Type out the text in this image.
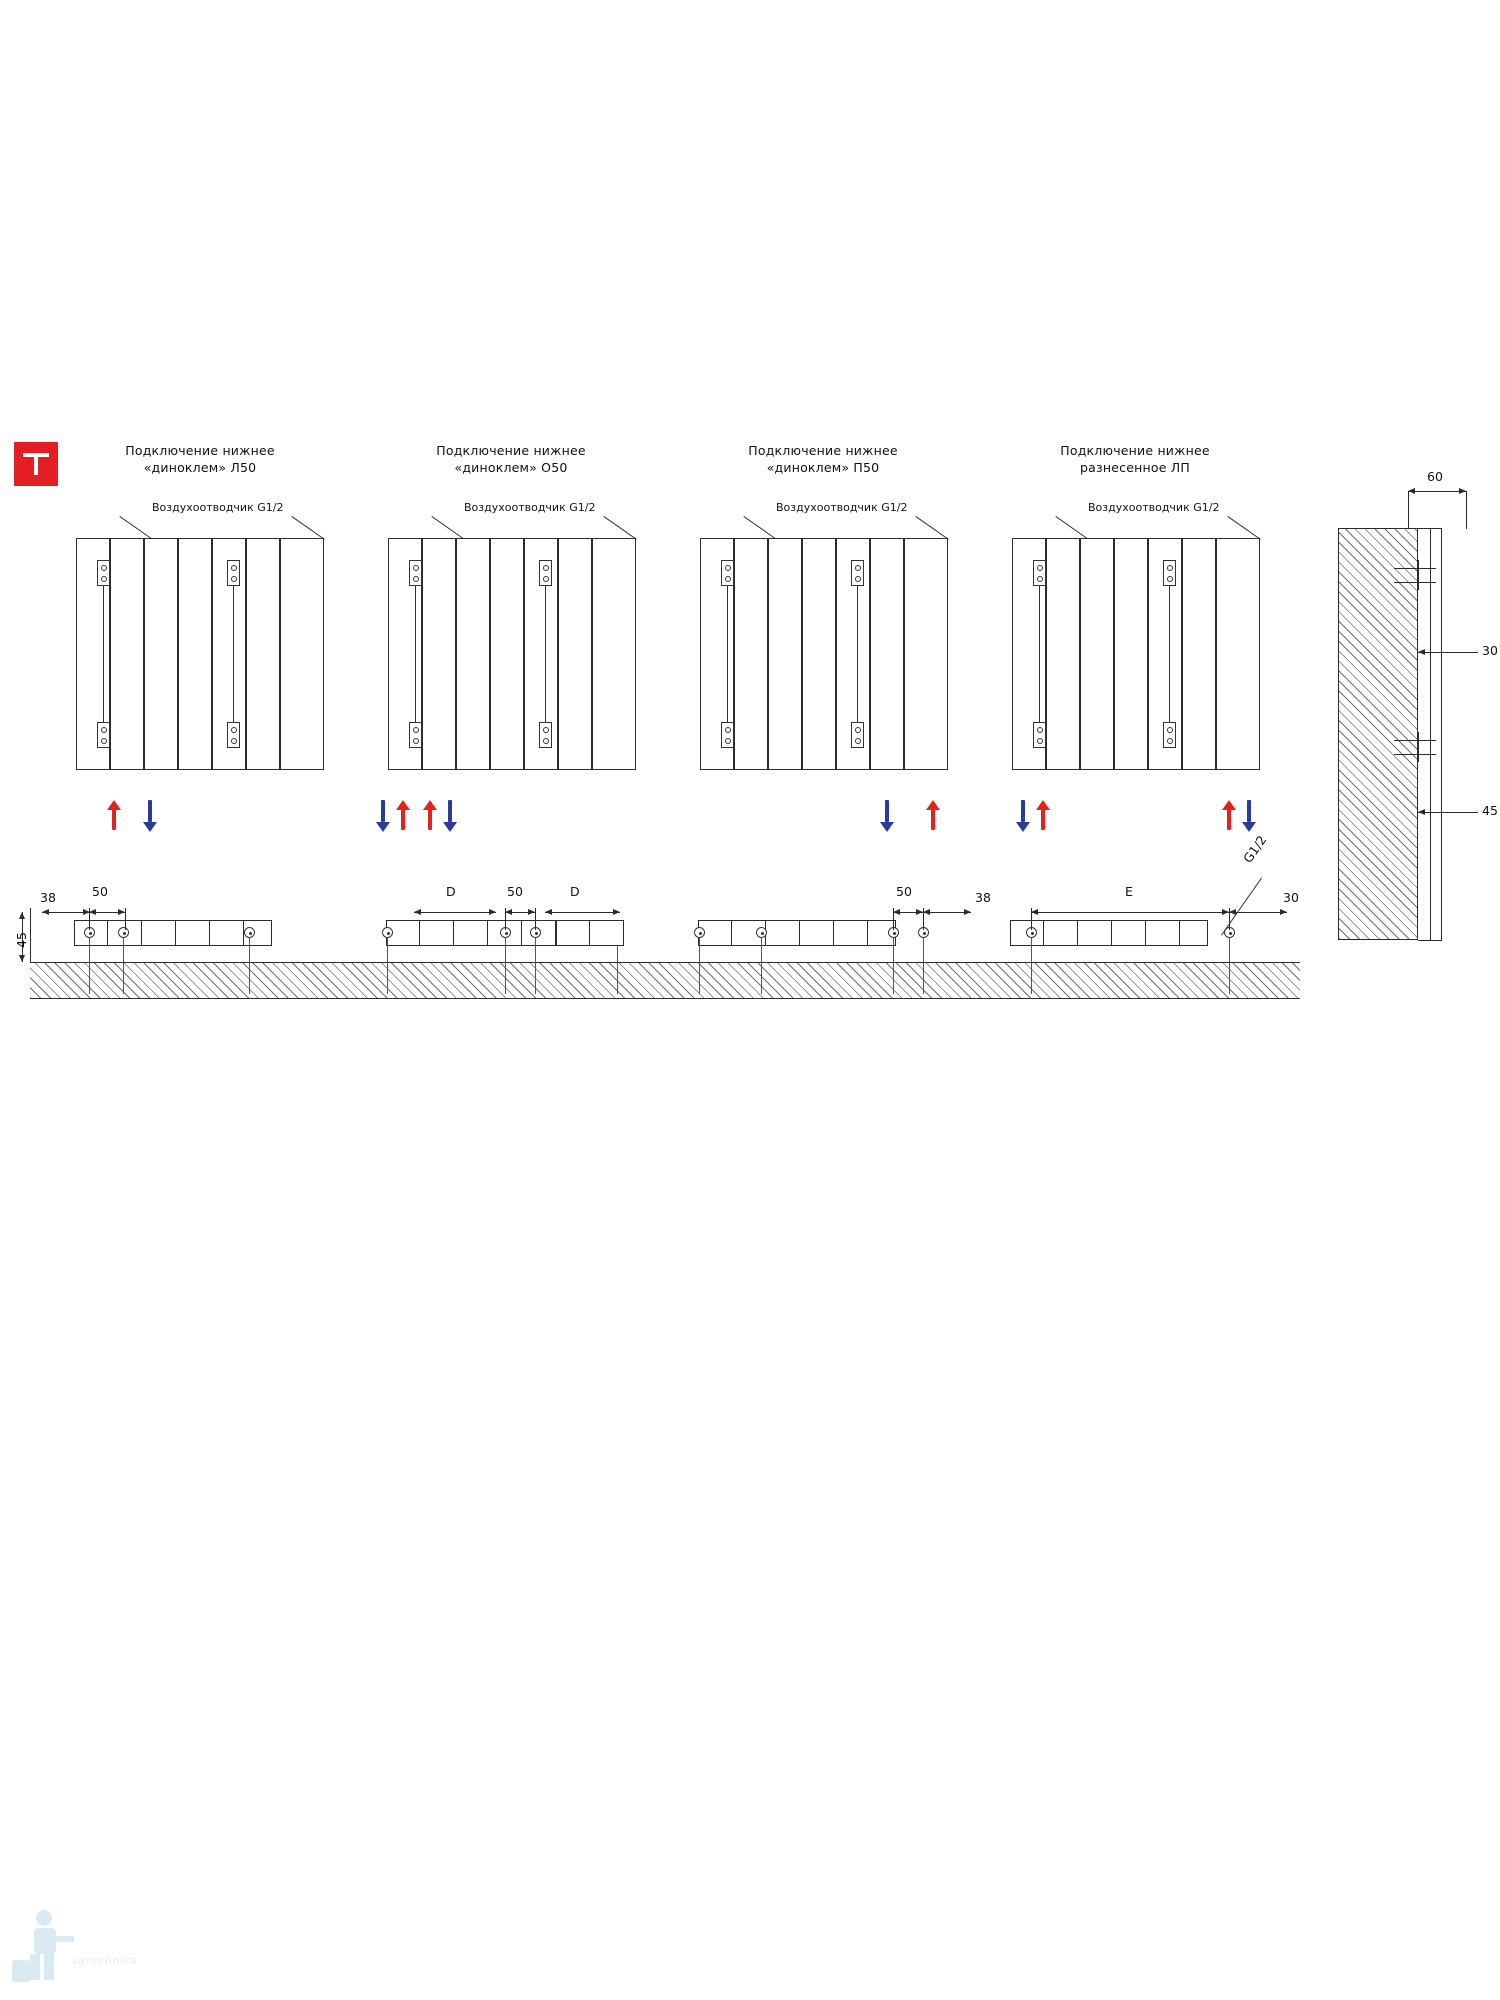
Подключение нижнее
«диноклем» Л50
Подключение нижнее
«диноклем» О50
Подключение нижнее
«диноклем» П50
Подключение нижнее
разнесенное ЛП
Воздухоотводчик G1/2	Воздухоотводчик G1/2	Воздухоотводчик G1/2	Воздухоотводчик G1/2
60
30
45
45
38	50	D	50	D	50	38	E	30
G1/2
santehnika
